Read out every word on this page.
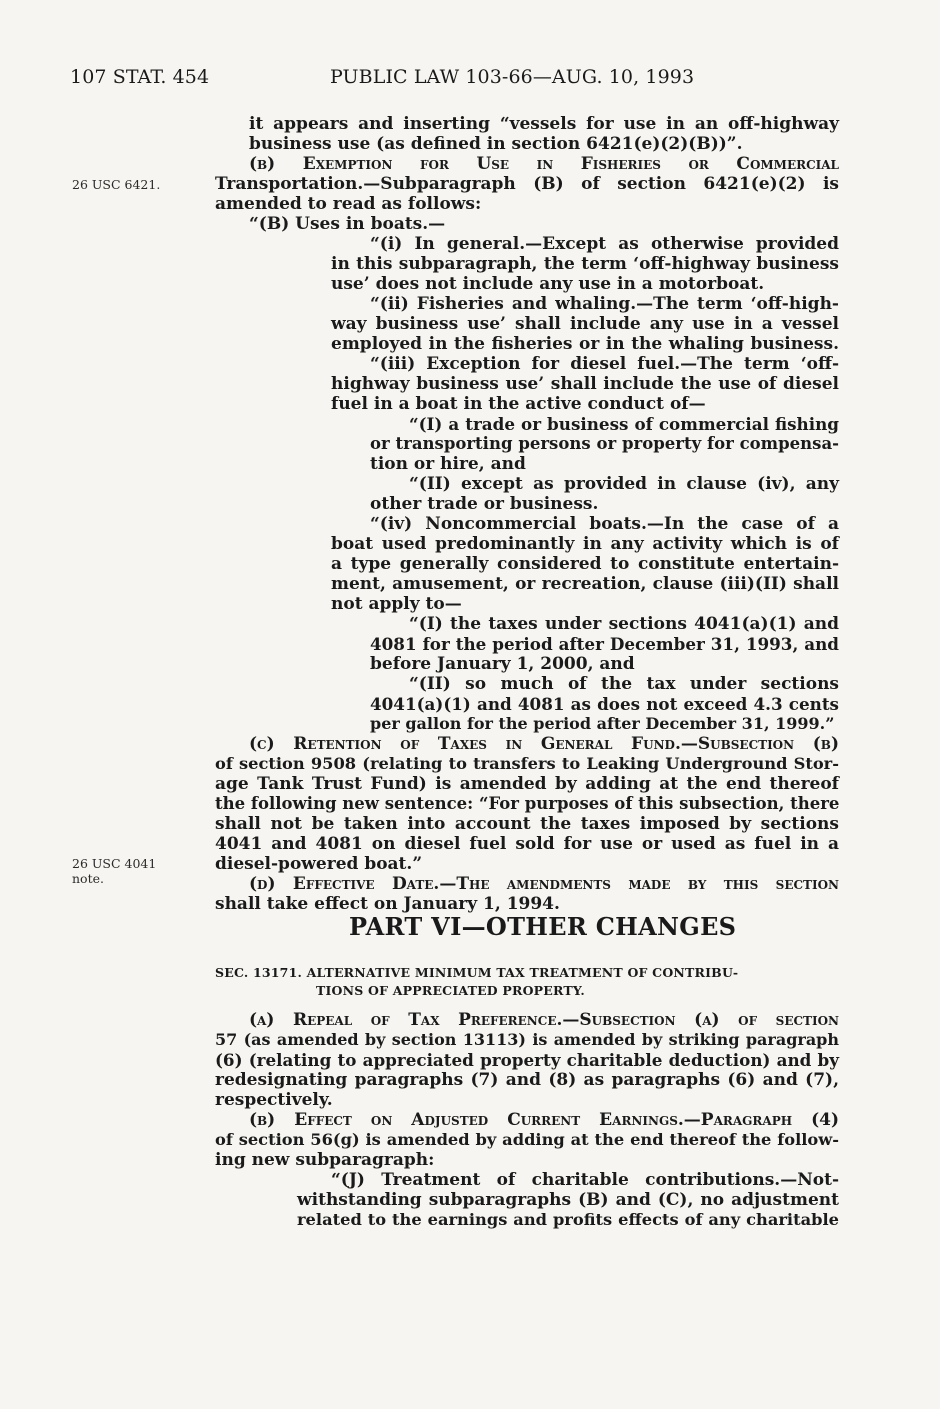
107 STAT. 454	PUBLIC LAW 103-66—AUG. 10, 1993
26 USC 6421.
26 USC 4041
note.
it appears and inserting “vessels for use in an off-highway
business use (as defined in section 6421(e)(2)(B))”.
(b) Exemption for Use in Fisheries or Commercial
Transportation.—Subparagraph (B) of section 6421(e)(2) is
amended to read as follows:
“(B) Uses in boats.—
“(i) In general.—Except as otherwise provided
in this subparagraph, the term ‘off-highway business
use’ does not include any use in a motorboat.
“(ii) Fisheries and whaling.—The term ‘off-high-
way business use’ shall include any use in a vessel
employed in the fisheries or in the whaling business.
“(iii) Exception for diesel fuel.—The term ‘off-
highway business use’ shall include the use of diesel
fuel in a boat in the active conduct of—
“(I) a trade or business of commercial fishing
or transporting persons or property for compensa-
tion or hire, and
“(II) except as provided in clause (iv), any
other trade or business.
“(iv) Noncommercial boats.—In the case of a
boat used predominantly in any activity which is of
a type generally considered to constitute entertain-
ment, amusement, or recreation, clause (iii)(II) shall
not apply to—
“(I) the taxes under sections 4041(a)(1) and
4081 for the period after December 31, 1993, and
before January 1, 2000, and
“(II) so much of the tax under sections
4041(a)(1) and 4081 as does not exceed 4.3 cents
per gallon for the period after December 31, 1999.”
(c) Retention of Taxes in General Fund.—Subsection (b)
of section 9508 (relating to transfers to Leaking Underground Stor-
age Tank Trust Fund) is amended by adding at the end thereof
the following new sentence: “For purposes of this subsection, there
shall not be taken into account the taxes imposed by sections
4041 and 4081 on diesel fuel sold for use or used as fuel in a
diesel-powered boat.”
(d) Effective Date.—The amendments made by this section
shall take effect on January 1, 1994.
PART VI—OTHER CHANGES
SEC. 13171. ALTERNATIVE MINIMUM TAX TREATMENT OF CONTRIBU-
TIONS OF APPRECIATED PROPERTY.
(a) Repeal of Tax Preference.—Subsection (a) of section
57 (as amended by section 13113) is amended by striking paragraph
(6) (relating to appreciated property charitable deduction) and by
redesignating paragraphs (7) and (8) as paragraphs (6) and (7),
respectively.
(b) Effect on Adjusted Current Earnings.—Paragraph (4)
of section 56(g) is amended by adding at the end thereof the follow-
ing new subparagraph:
“(J) Treatment of charitable contributions.—Not-
withstanding subparagraphs (B) and (C), no adjustment
related to the earnings and profits effects of any charitable
